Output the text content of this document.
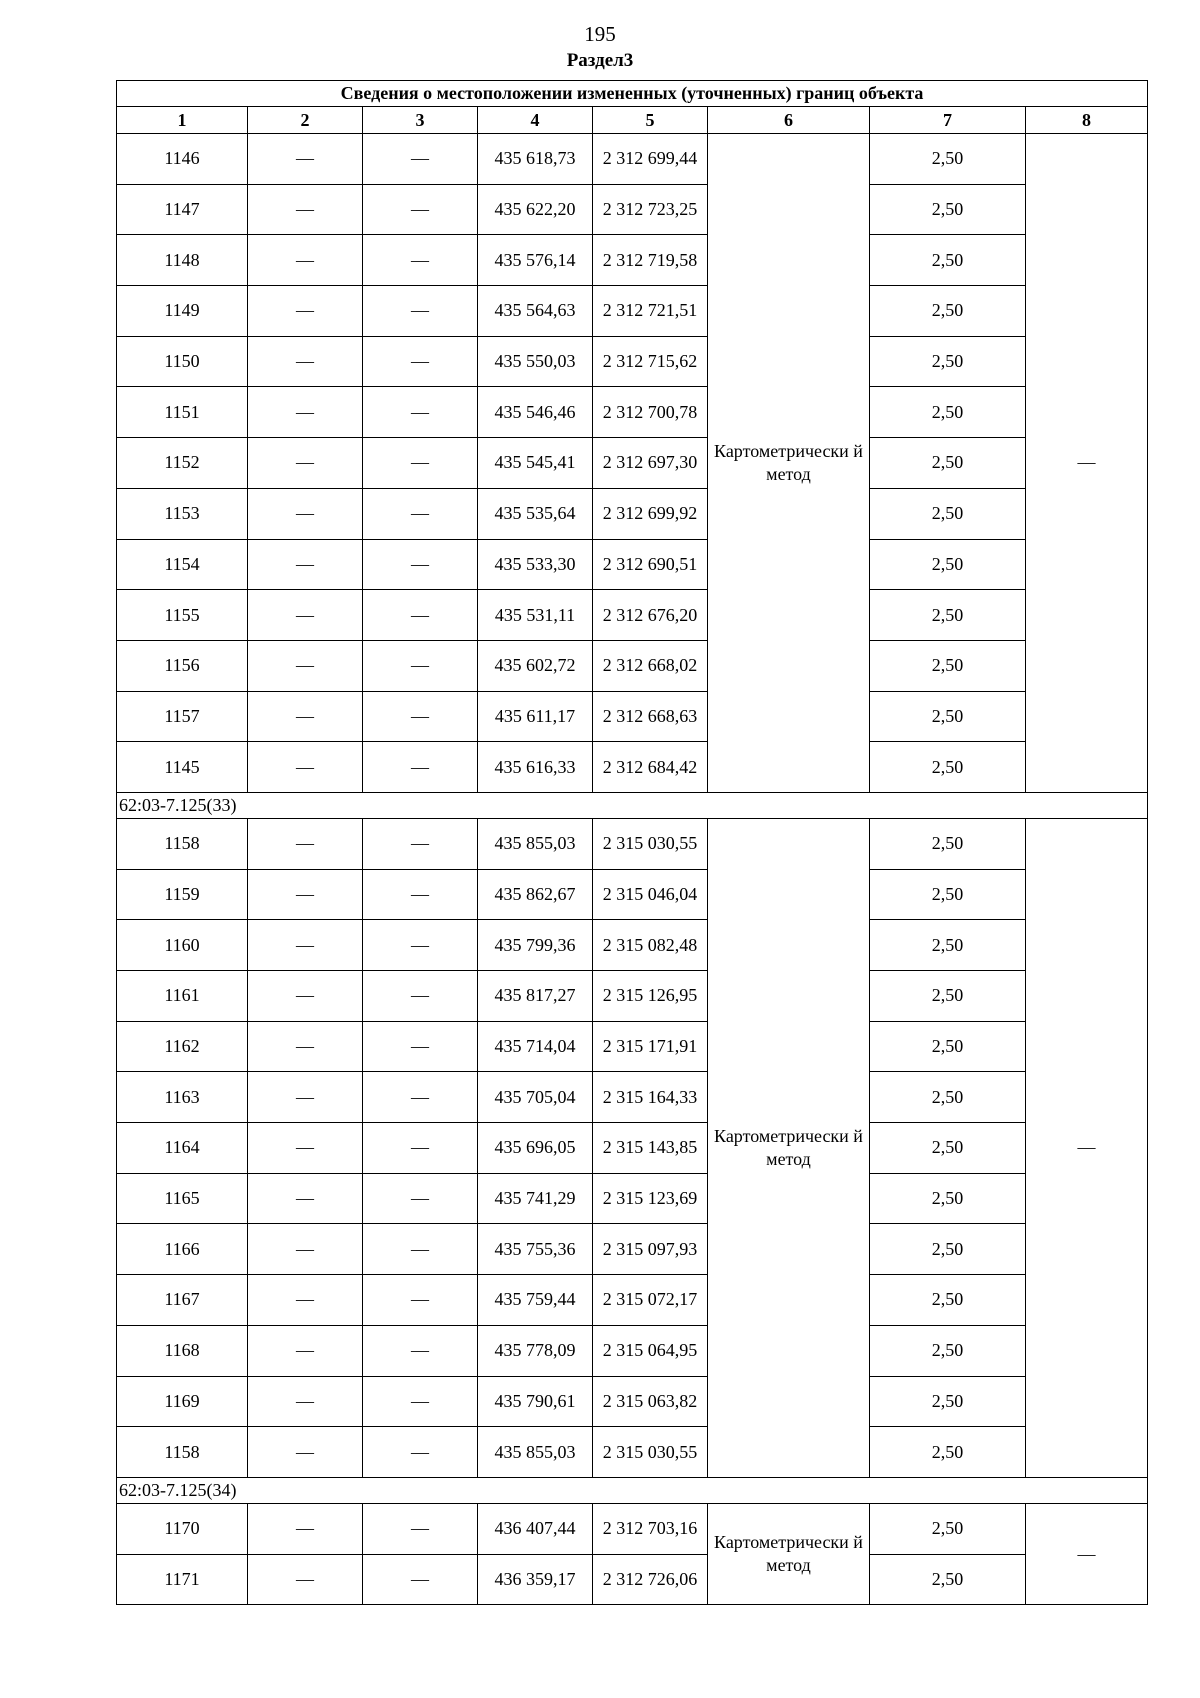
195
Раздел3
Сведения о местоположении измененных (уточненных) границ объекта							
1	2	3	4	5	6	7	8
1146	—	—	435 618,73	2 312 699,44	Картометрически й метод	2,50	—
1147	—	—	435 622,20	2 312 723,25		2,50	
1148	—	—	435 576,14	2 312 719,58		2,50	
1149	—	—	435 564,63	2 312 721,51		2,50	
1150	—	—	435 550,03	2 312 715,62		2,50	
1151	—	—	435 546,46	2 312 700,78		2,50	
1152	—	—	435 545,41	2 312 697,30		2,50	
1153	—	—	435 535,64	2 312 699,92		2,50	
1154	—	—	435 533,30	2 312 690,51		2,50	
1155	—	—	435 531,11	2 312 676,20		2,50	
1156	—	—	435 602,72	2 312 668,02		2,50	
1157	—	—	435 611,17	2 312 668,63		2,50	
1145	—	—	435 616,33	2 312 684,42		2,50	
62:03-7.125(33)							
1158	—	—	435 855,03	2 315 030,55	Картометрически й метод	2,50	—
1159	—	—	435 862,67	2 315 046,04		2,50	
1160	—	—	435 799,36	2 315 082,48		2,50	
1161	—	—	435 817,27	2 315 126,95		2,50	
1162	—	—	435 714,04	2 315 171,91		2,50	
1163	—	—	435 705,04	2 315 164,33		2,50	
1164	—	—	435 696,05	2 315 143,85		2,50	
1165	—	—	435 741,29	2 315 123,69		2,50	
1166	—	—	435 755,36	2 315 097,93		2,50	
1167	—	—	435 759,44	2 315 072,17		2,50	
1168	—	—	435 778,09	2 315 064,95		2,50	
1169	—	—	435 790,61	2 315 063,82		2,50	
1158	—	—	435 855,03	2 315 030,55		2,50	
62:03-7.125(34)							
1170	—	—	436 407,44	2 312 703,16	Картометрически й метод	2,50	—
1171	—	—	436 359,17	2 312 726,06		2,50	
